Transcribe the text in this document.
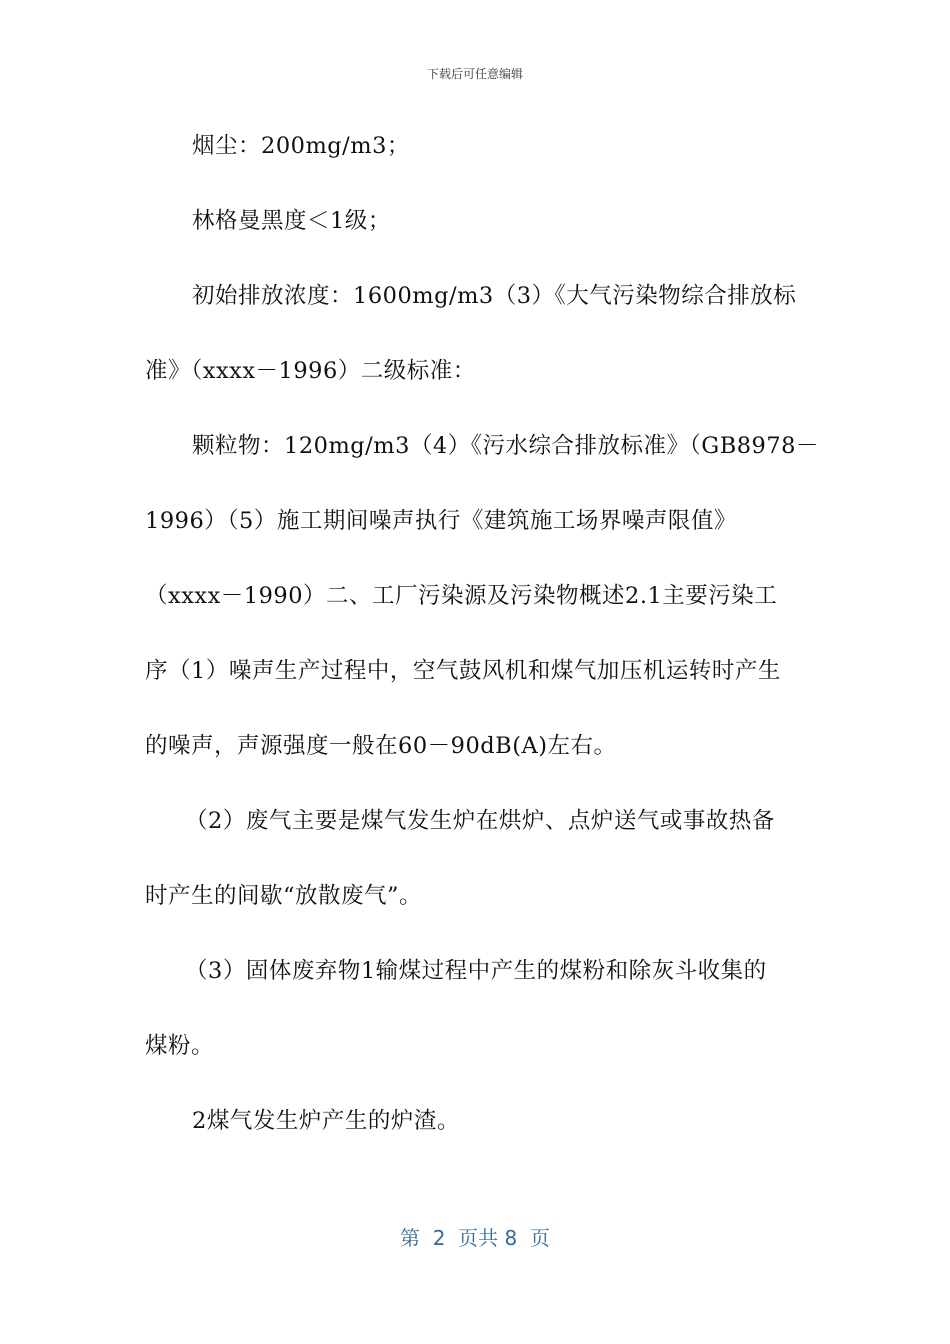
下载后可任意编辑
烟尘：200mg/m3；
林格曼黑度＜1级；
初始排放浓度：1600mg/m3（3）《大气污染物综合排放标
准》（xxxx－1996）二级标准：
颗粒物：120mg/m3（4）《污水综合排放标准》（GB8978－
1996）（5）施工期间噪声执行《建筑施工场界噪声限值》
（xxxx－1990）二、工厂污染源及污染物概述2.1主要污染工
序（1）噪声生产过程中，空气鼓风机和煤气加压机运转时产生
的噪声，声源强度一般在60－90dB(A)左右。
（2）废气主要是煤气发生炉在烘炉、点炉送气或事故热备
时产生的间歇“放散废气”。
（3）固体废弃物1输煤过程中产生的煤粉和除灰斗收集的
煤粉。
2煤气发生炉产生的炉渣。
第  2  页共 8  页
